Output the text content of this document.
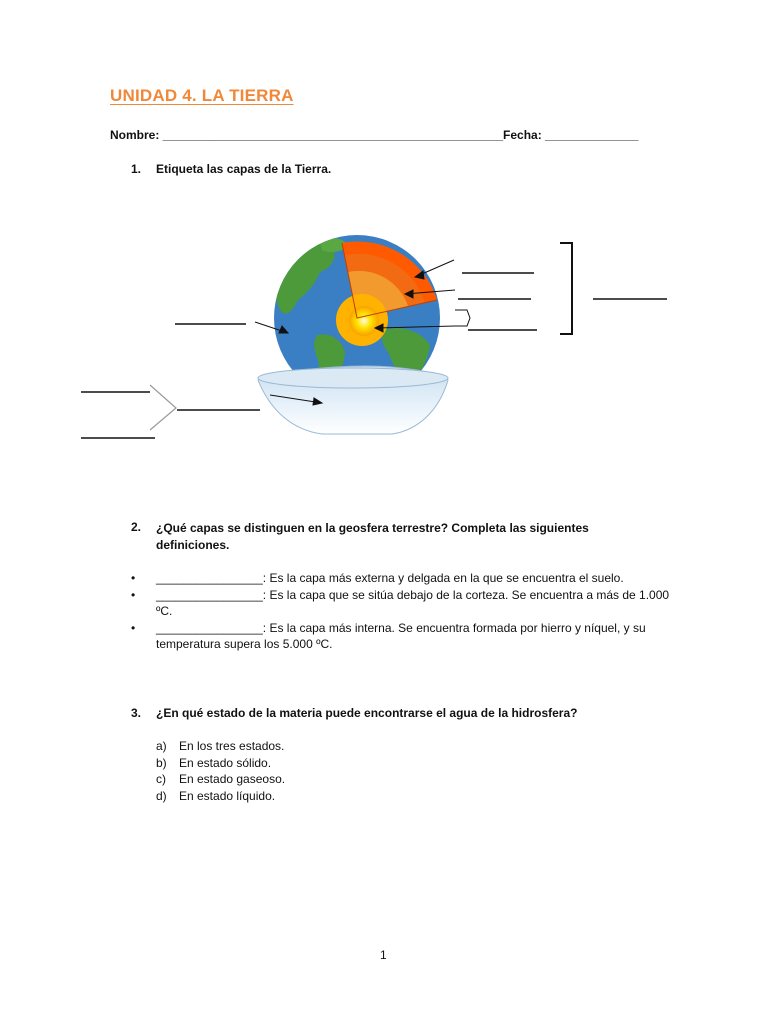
UNIDAD 4. LA TIERRA
Nombre: ___________________________________________________Fecha: ______________
1. Etiqueta las capas de la Tierra.
2. ¿Qué capas se distinguen en la geosfera terrestre? Completa las siguientes definiciones.
• ________________: Es la capa más externa y delgada en la que se encuentra el suelo.
• ________________: Es la capa que se sitúa debajo de la corteza. Se encuentra a más de 1.000 ºC.
• ________________: Es la capa más interna. Se encuentra formada por hierro y níquel, y su temperatura supera los 5.000 ºC.
3. ¿En qué estado de la materia puede encontrarse el agua de la hidrosfera?
a) En los tres estados.
b) En estado sólido.
c) En estado gaseoso.
d) En estado líquido.
1
